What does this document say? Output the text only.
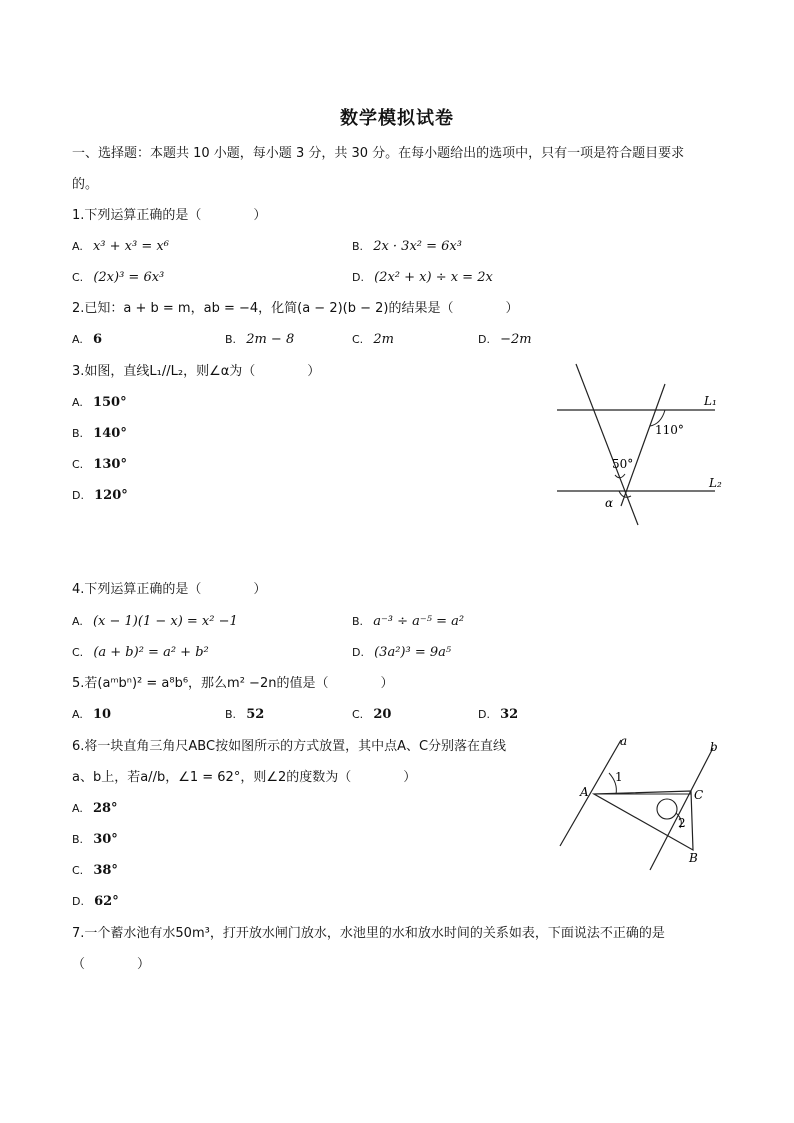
数学模拟试卷
一、选择题：本题共 10 小题，每小题 3 分，共 30 分。在每小题给出的选项中，只有一项是符合题目要求
的。
1.下列运算正确的是（　　　　）
A. x³ + x³ = x⁶	B. 2x · 3x² = 6x³
C. (2x)³ = 6x³	D. (2x² + x) ÷ x = 2x
2.已知：a + b = m，ab = −4，化简(a − 2)(b − 2)的结果是（　　　　）
A. 6	B. 2m − 8	C. 2m	D. −2m
3.如图，直线L₁//L₂，则∠α为（　　　　）
A. 150°
B. 140°
C. 130°
D. 120°
L₁
L₂
110°
50°
α
4.下列运算正确的是（　　　　）
A. (x − 1)(1 − x) = x² −1	B. a⁻³ ÷ a⁻⁵ = a²
C. (a + b)² = a² + b²	D. (3a²)³ = 9a⁵
5.若(aᵐbⁿ)² = a⁸b⁶，那么m² −2n的值是（　　　　）
A. 10	B. 52	C. 20	D. 32
6.将一块直角三角尺ABC按如图所示的方式放置，其中点A、C分别落在直线
a、b上，若a//b，∠1 = 62°，则∠2的度数为（　　　　）
A. 28°
B. 30°
C. 38°
D. 62°
a	b
A	C
B
1
2
7.一个蓄水池有水50m³，打开放水闸门放水，水池里的水和放水时间的关系如表，下面说法不正确的是
（　　　　）
